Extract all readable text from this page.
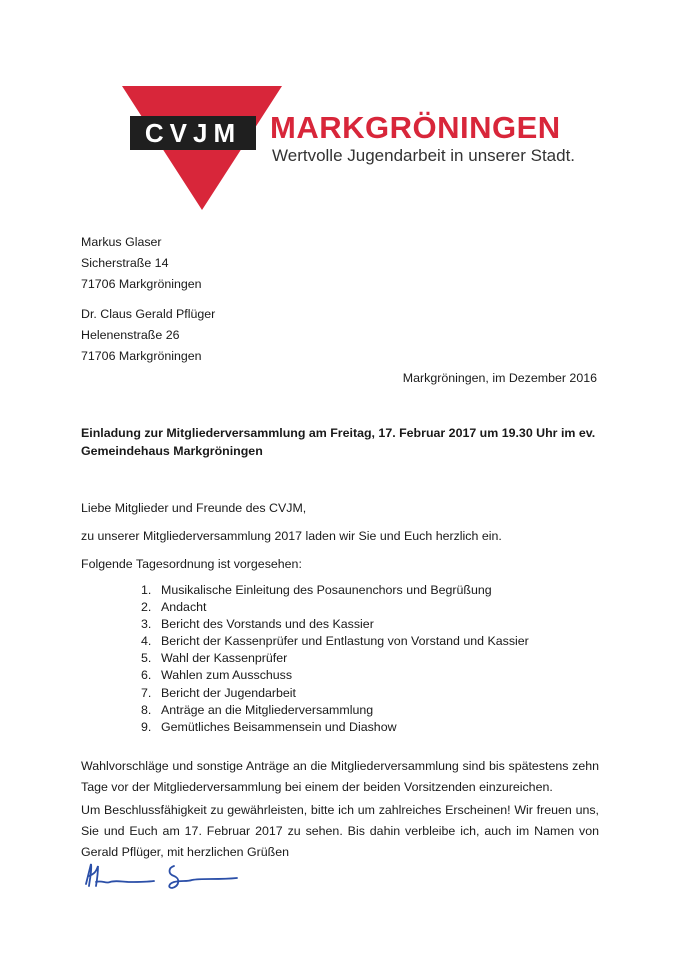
CVJM MARKGRÖNINGEN
Wertvolle Jugendarbeit in unserer Stadt.
Markus Glaser
Sicherstraße 14
71706 Markgröningen
Dr. Claus Gerald Pflüger
Helenenstraße 26
71706 Markgröningen
Markgröningen, im Dezember 2016
Einladung zur Mitgliederversammlung am Freitag, 17. Februar 2017 um 19.30 Uhr im ev. Gemeindehaus Markgröningen
Liebe Mitglieder und Freunde des CVJM,
zu unserer Mitgliederversammlung 2017 laden wir Sie und Euch herzlich ein.
Folgende Tagesordnung ist vorgesehen:
1. Musikalische Einleitung des Posaunenchors und Begrüßung
2. Andacht
3. Bericht des Vorstands und des Kassier
4. Bericht der Kassenprüfer und Entlastung von Vorstand und Kassier
5. Wahl der Kassenprüfer
6. Wahlen zum Ausschuss
7. Bericht der Jugendarbeit
8. Anträge an die Mitgliederversammlung
9. Gemütliches Beisammensein und Diashow
Wahlvorschläge und sonstige Anträge an die Mitgliederversammlung sind bis spätestens zehn Tage vor der Mitgliederversammlung bei einem der beiden Vorsitzenden einzureichen.
Um Beschlussfähigkeit zu gewährleisten, bitte ich um zahlreiches Erscheinen! Wir freuen uns, Sie und Euch am 17. Februar 2017 zu sehen. Bis dahin verbleibe ich, auch im Namen von Gerald Pflüger, mit herzlichen Grüßen
